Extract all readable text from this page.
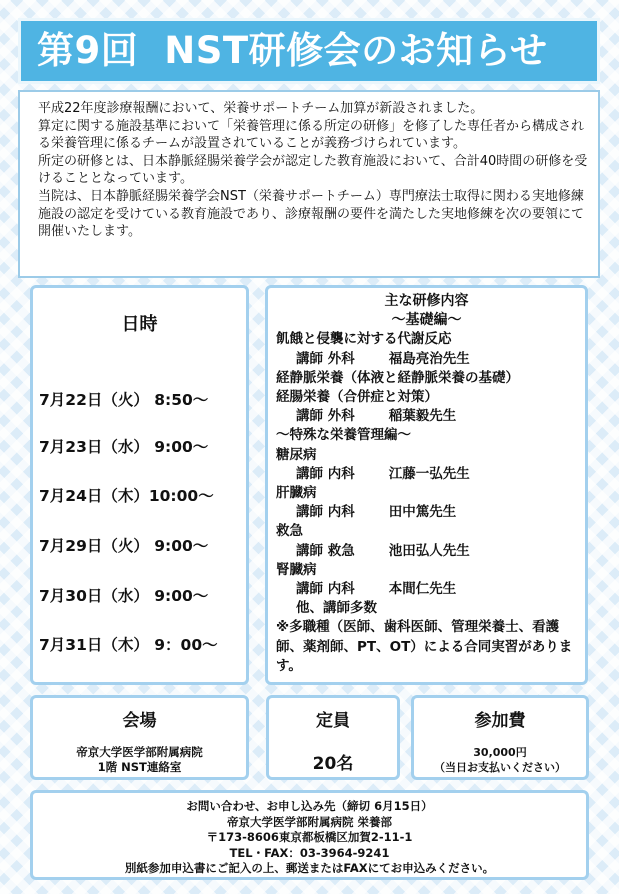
第9回 NST研修会のお知らせ

平成22年度診療報酬において、栄養サポートチーム加算が新設されました。

算定に関する施設基準において「栄養管理に係る所定の研修」を修了した専任者から構成される栄養管理に係るチームが設置されていることが義務づけられています。

所定の研修とは、日本静脈経腸栄養学会が認定した教育施設において、合計40時間の研修を受けることとなっています。

当院は、日本静脈経腸栄養学会NST（栄養サポートチーム）専門療法士取得に関わる実地修練施設の認定を受けている教育施設であり、診療報酬の要件を満たした実地修練を次の要領にて開催いたします。

日時
7月22日（火） 8:50～
7月23日（水） 9:00～
7月24日（木）10:00～
7月29日（火） 9:00～
7月30日（水） 9:00～
7月31日（木） 9：00～
主な研修内容
～基礎編～
飢餓と侵襲に対する代謝反応
講師 外科	福島亮治先生
経静脈栄養（体液と経静脈栄養の基礎）
経腸栄養（合併症と対策）
講師 外科	稲葉毅先生
～特殊な栄養管理編～
糖尿病
講師 内科	江藤一弘先生
肝臓病
講師 内科	田中篤先生
救急
講師 救急	池田弘人先生
腎臓病
講師 内科	本間仁先生
他、講師多数
※多職種（医師、歯科医師、管理栄養士、看護師、薬剤師、PT、OT）による合同実習があります。
会場
帝京大学医学部附属病院
1階 NST連絡室
定員
20名
参加費
30,000円
（当日お支払いください）
お問い合わせ、お申し込み先（締切 6月15日）
帝京大学医学部附属病院 栄養部
〒173-8606東京都板橋区加賀2-11-1
TEL・FAX：03-3964-9241
別紙参加申込書にご記入の上、郵送またはFAXにてお申込みください。
